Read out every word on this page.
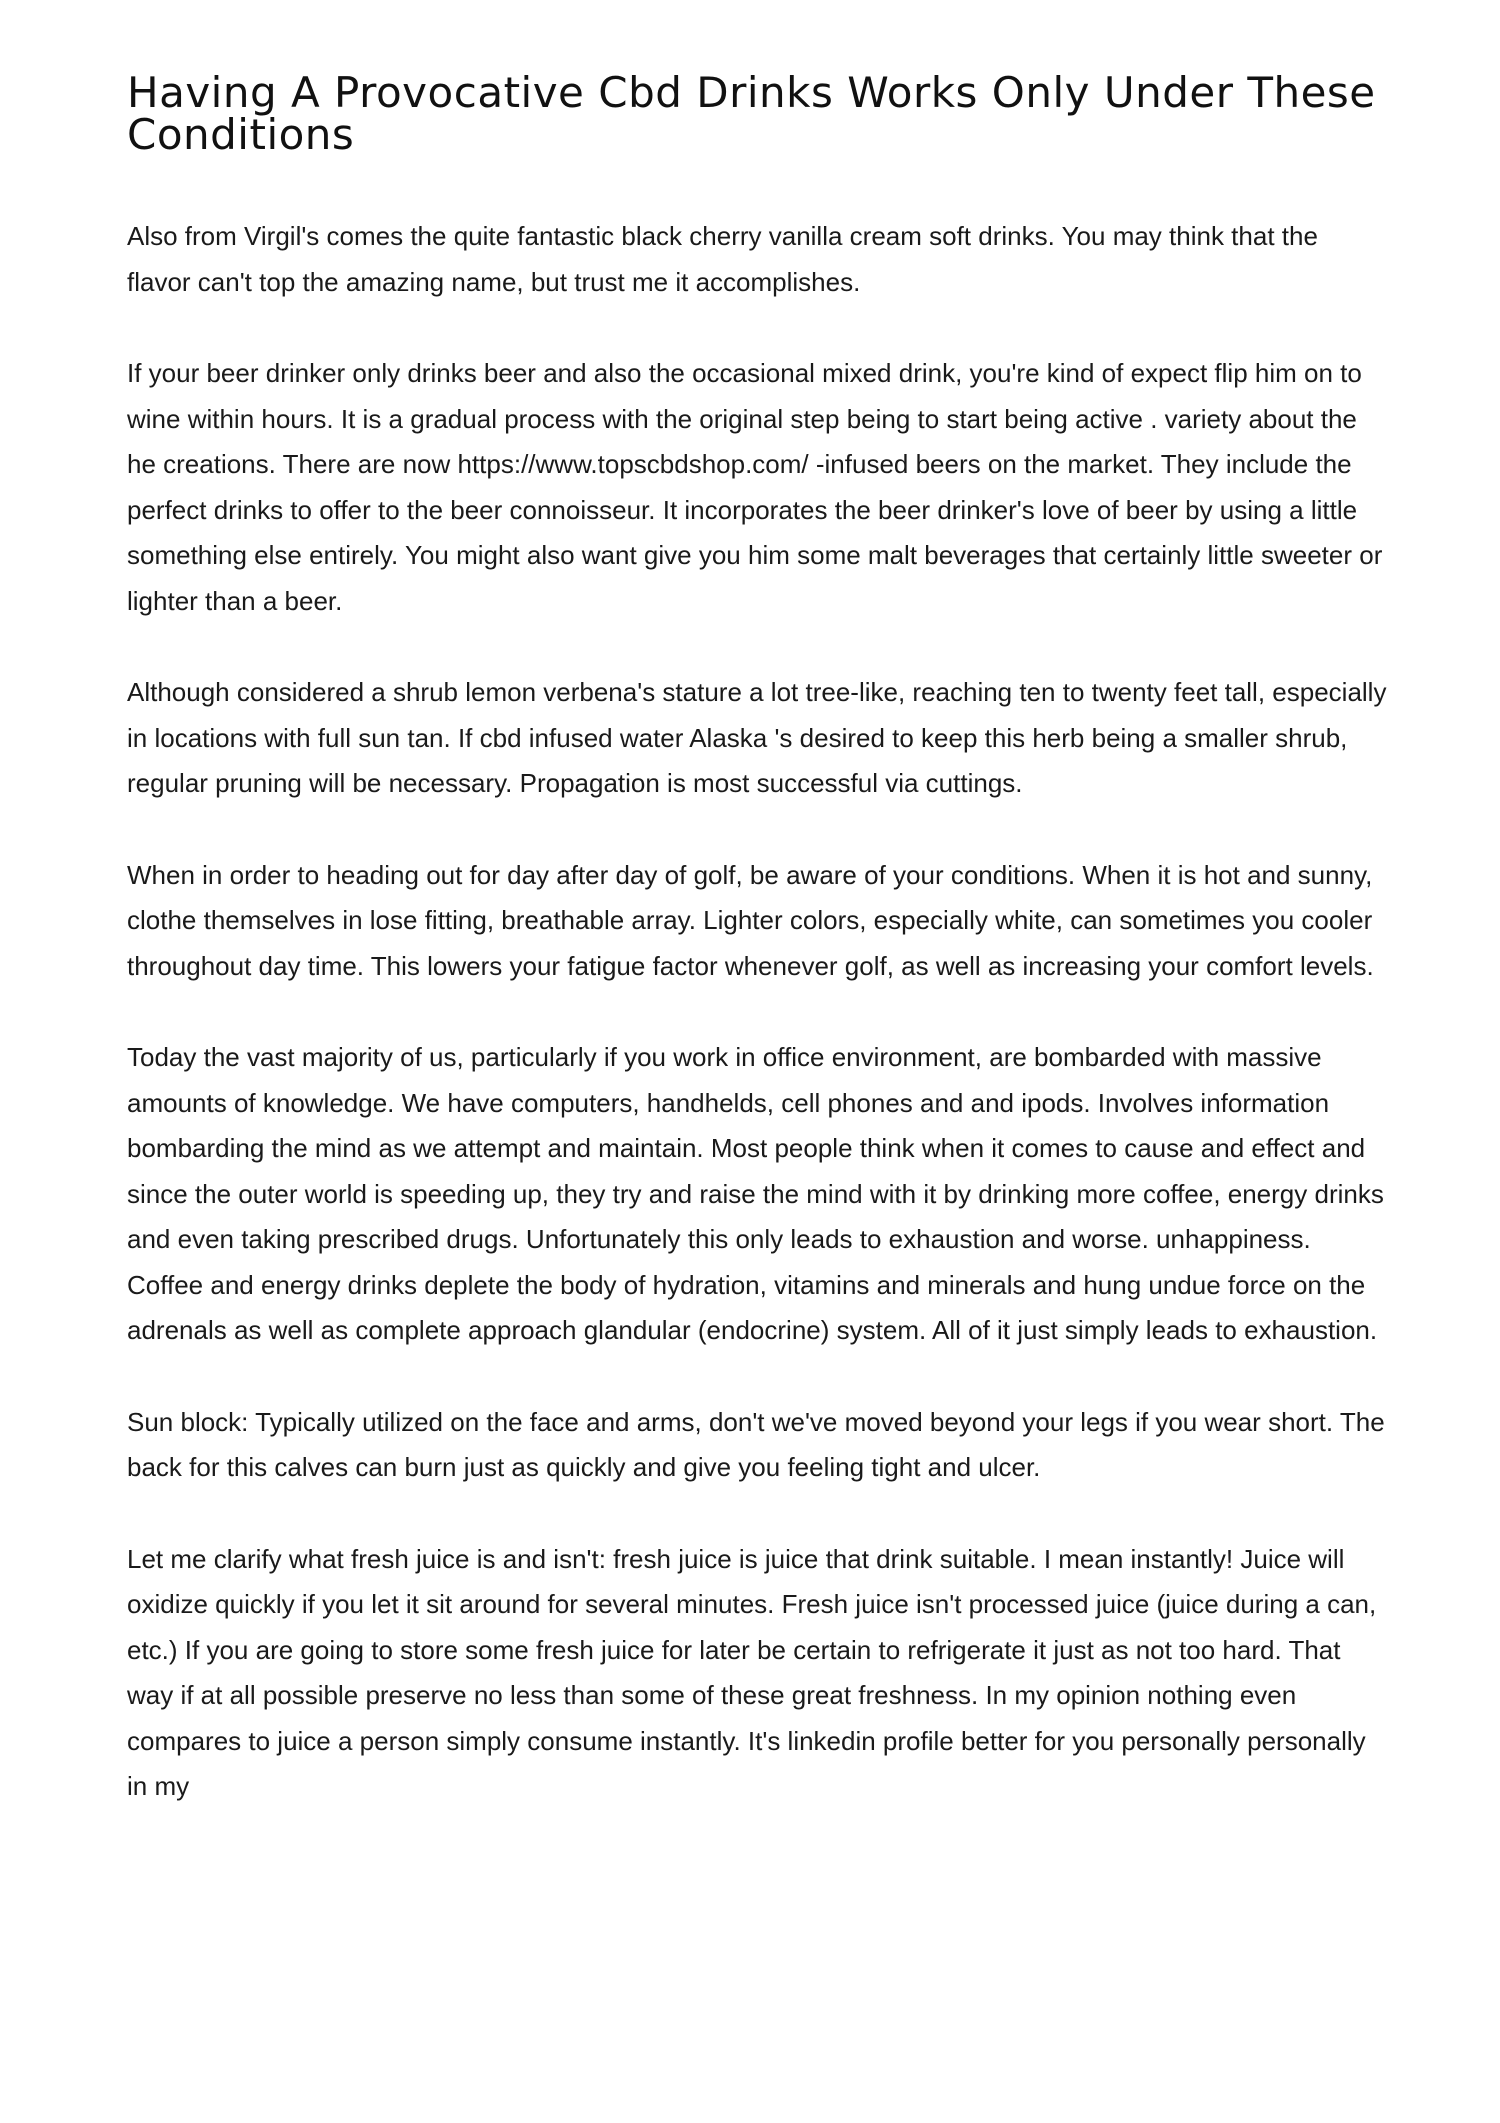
Having A Provocative Cbd Drinks Works Only Under These Conditions

Also from Virgil's comes the quite fantastic black cherry vanilla cream soft drinks. You may think that the flavor can't top the amazing name, but trust me it accomplishes.

If your beer drinker only drinks beer and also the occasional mixed drink, you're kind of expect flip him on to wine within hours. It is a gradual process with the original step being to start being active . variety about the he creations. There are now https://www.topscbdshop.com/ -infused beers on the market. They include the perfect drinks to offer to the beer connoisseur. It incorporates the beer drinker's love of beer by using a little something else entirely. You might also want give you him some malt beverages that certainly little sweeter or lighter than a beer.

Although considered a shrub lemon verbena's stature a lot tree-like, reaching ten to twenty feet tall, especially in locations with full sun tan. If cbd infused water Alaska 's desired to keep this herb being a smaller shrub, regular pruning will be necessary. Propagation is most successful via cuttings.

When in order to heading out for day after day of golf, be aware of your conditions. When it is hot and sunny, clothe themselves in lose fitting, breathable array. Lighter colors, especially white, can sometimes you cooler throughout day time. This lowers your fatigue factor whenever golf, as well as increasing your comfort levels.

Today the vast majority of us, particularly if you work in office environment, are bombarded with massive amounts of knowledge. We have computers, handhelds, cell phones and and ipods. Involves information bombarding the mind as we attempt and maintain. Most people think when it comes to cause and effect and since the outer world is speeding up, they try and raise the mind with it by drinking more coffee, energy drinks and even taking prescribed drugs. Unfortunately this only leads to exhaustion and worse. unhappiness. Coffee and energy drinks deplete the body of hydration, vitamins and minerals and hung undue force on the adrenals as well as complete approach glandular (endocrine) system. All of it just simply leads to exhaustion.

Sun block: Typically utilized on the face and arms, don't we've moved beyond your legs if you wear short. The back for this calves can burn just as quickly and give you feeling tight and ulcer.

Let me clarify what fresh juice is and isn't: fresh juice is juice that drink suitable. I mean instantly! Juice will oxidize quickly if you let it sit around for several minutes. Fresh juice isn't processed juice (juice during a can, etc.) If you are going to store some fresh juice for later be certain to refrigerate it just as not too hard. That way if at all possible preserve no less than some of these great freshness. In my opinion nothing even compares to juice a person simply consume instantly. It's linkedin profile better for you personally personally in my
